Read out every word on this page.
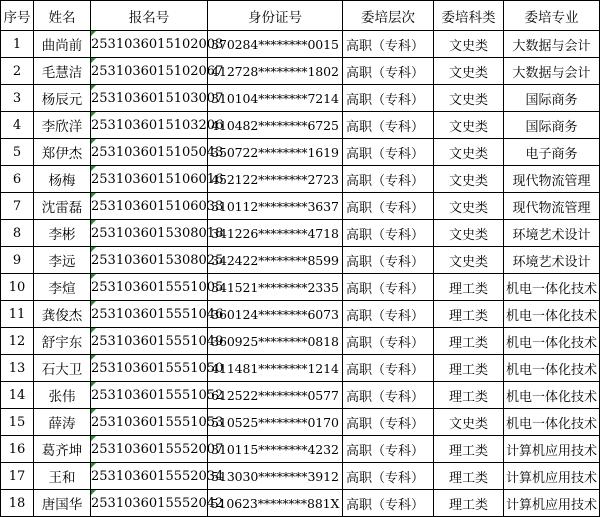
序号	姓名	报名号	身份证号	委培层次	委培科类	委培专业
1	曲尚前	2531036015102003	370284********0015	高职（专科）	文史类	大数据与会计
2	毛慧洁	2531036015102067	412728********1802	高职（专科）	文史类	大数据与会计
3	杨辰元	2531036015103007	310104********7214	高职（专科）	文史类	国际商务
4	李欣洋	2531036015103206	410482********6725	高职（专科）	文史类	国际商务
5	郑伊杰	2531036015105043	350722********1619	高职（专科）	文史类	电子商务
6	杨梅	2531036015106016	452122********2723	高职（专科）	文史类	现代物流管理
7	沈雷磊	2531036015106033	310112********3637	高职（专科）	文史类	现代物流管理
8	李彬	2531036015308018	341226********4718	高职（专科）	文史类	环境艺术设计
9	李远	2531036015308025	342422********8599	高职（专科）	文史类	环境艺术设计
10	李煊	2531036015551005	341521********2335	高职（专科）	理工类	机电一体化技术
11	龚俊杰	2531036015551046	360124********6073	高职（专科）	理工类	机电一体化技术
12	舒宇东	2531036015551049	360925********0818	高职（专科）	理工类	机电一体化技术
13	石大卫	2531036015551050	411481********1214	高职（专科）	理工类	机电一体化技术
14	张伟	2531036015551052	612522********0577	高职（专科）	理工类	机电一体化技术
15	薛涛	2531036015551053	510525********0170	高职（专科）	文史类	机电一体化技术
16	葛齐坤	2531036015552007	310115********4232	高职（专科）	理工类	计算机应用技术
17	王和	2531036015552034	513030********3912	高职（专科）	理工类	计算机应用技术
18	唐国华	2531036015552042	510623********881X	高职（专科）	理工类	计算机应用技术
